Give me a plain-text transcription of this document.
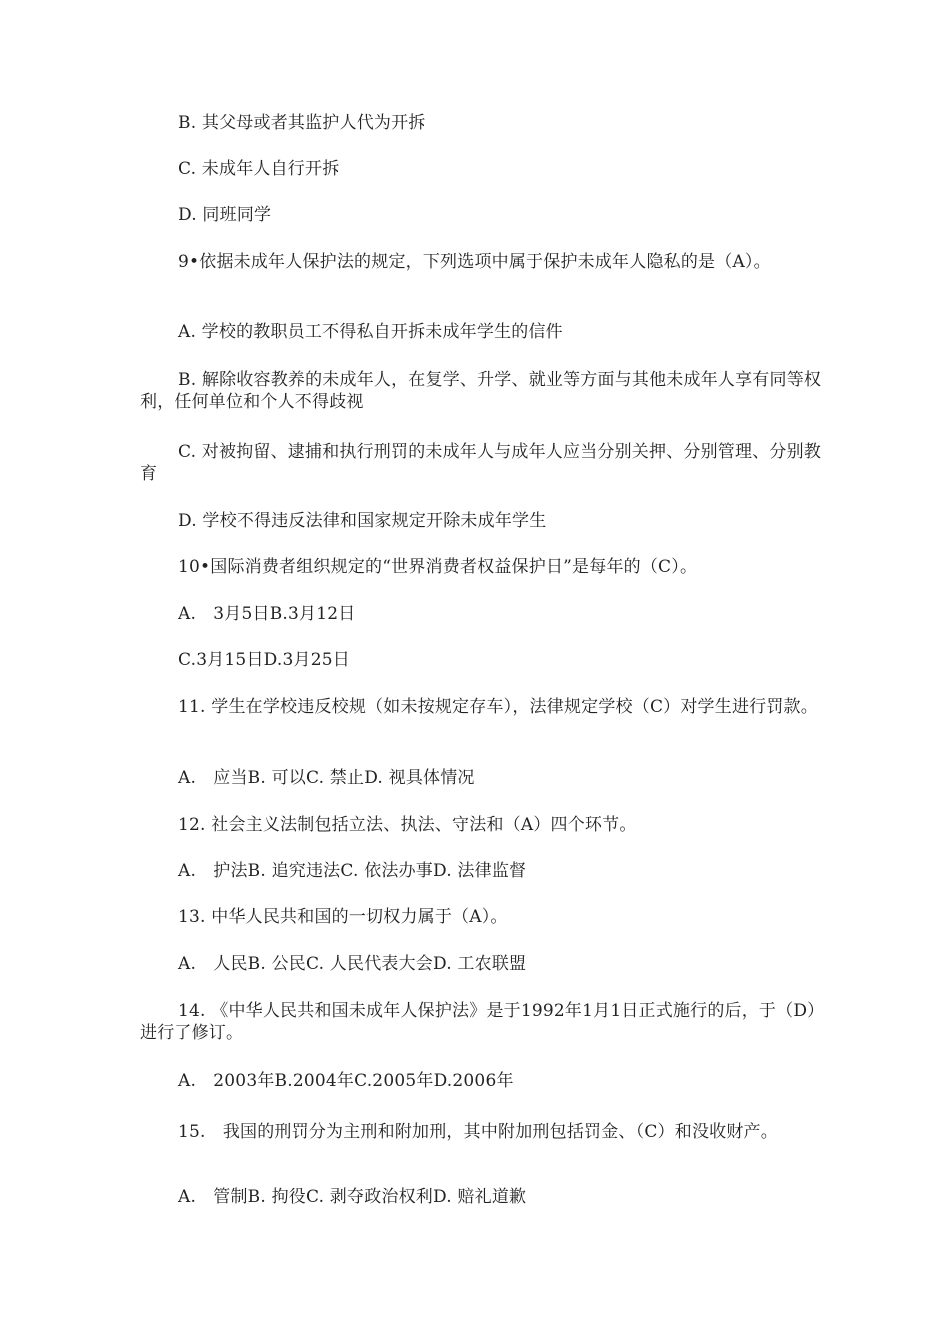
B. 其父母或者其监护人代为开拆
C. 未成年人自行开拆
D. 同班同学
9•依据未成年人保护法的规定，下列选项中属于保护未成年人隐私的是（A）。
A. 学校的教职员工不得私自开拆未成年学生的信件
B. 解除收容教养的未成年人，在复学、升学、就业等方面与其他未成年人享有同等权利，任何单位和个人不得歧视
C. 对被拘留、逮捕和执行刑罚的未成年人与成年人应当分别关押、分别管理、分别教育
D. 学校不得违反法律和国家规定开除未成年学生
10•国际消费者组织规定的“世界消费者权益保护日”是每年的（C）。
A.　3月5日B.3月12日
C.3月15日D.3月25日
11. 学生在学校违反校规（如未按规定存车），法律规定学校（C）对学生进行罚款。
A.　应当B. 可以C. 禁止D. 视具体情况
12. 社会主义法制包括立法、执法、守法和（A）四个环节。
A.　护法B. 追究违法C. 依法办事D. 法律监督
13. 中华人民共和国的一切权力属于（A）。
A.　人民B. 公民C. 人民代表大会D. 工农联盟
14. 《中华人民共和国未成年人保护法》是于1992年1月1日正式施行的后，于（D）进行了修订。
A.　2003年B.2004年C.2005年D.2006年
15.　我国的刑罚分为主刑和附加刑，其中附加刑包括罚金、（C）和没收财产。
A.　管制B. 拘役C. 剥夺政治权利D. 赔礼道歉
